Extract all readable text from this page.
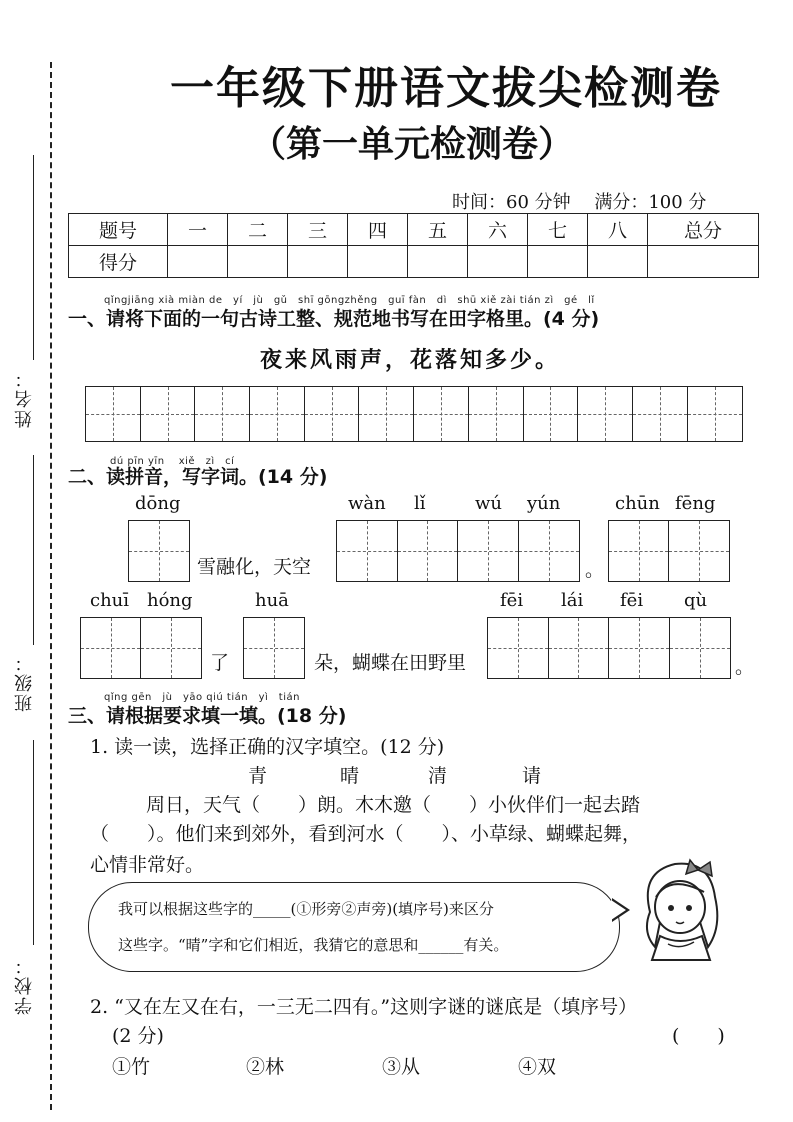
姓名：
班级：
学校：
一年级下册语文拔尖检测卷
（第一单元检测卷）
时间：60 分钟　 满分：100 分
题号	一	二	三	四	五	六	七	八	总分
得分									
qǐngjiāng xià miàn de　yí　jù　gǔ　shī gōngzhěng　guī fàn　dì　shū xiě zài tián zì　gé　lǐ
一、请将下面的一句古诗工整、规范地书写在田字格里。(4 分)
夜来风雨声，花落知多少。
dú pīn yīn　 xiě　zì　cí
二、读拼音，写字词。(14 分)
dōng
雪融化，天空
wàn lǐ	wú yún
。
chūn fēng
chuī hóng
了
huā
朵，蝴蝶在田野里
fēi lái fēi qù
。
qǐng gēn　jù　yāo qiú tián　yì　tián
三、请根据要求填一填。(18 分)
1. 读一读，选择正确的汉字填空。(12 分)
青	晴	清	请
周日，天气（　　）朗。木木邀（　　）小伙伴们一起去踏
（　　）。他们来到郊外，看到河水（　　）、小草绿、蝴蝶起舞，
心情非常好。
我可以根据这些字的_____(①形旁②声旁)(填序号)来区分
这些字。“晴”字和它们相近，我猜它的意思和______有关。
2. “又在左又在右，一三无二四有。”这则字谜的谜底是（填序号）
(2 分)	(　　)
①竹	②林	③从	④双
